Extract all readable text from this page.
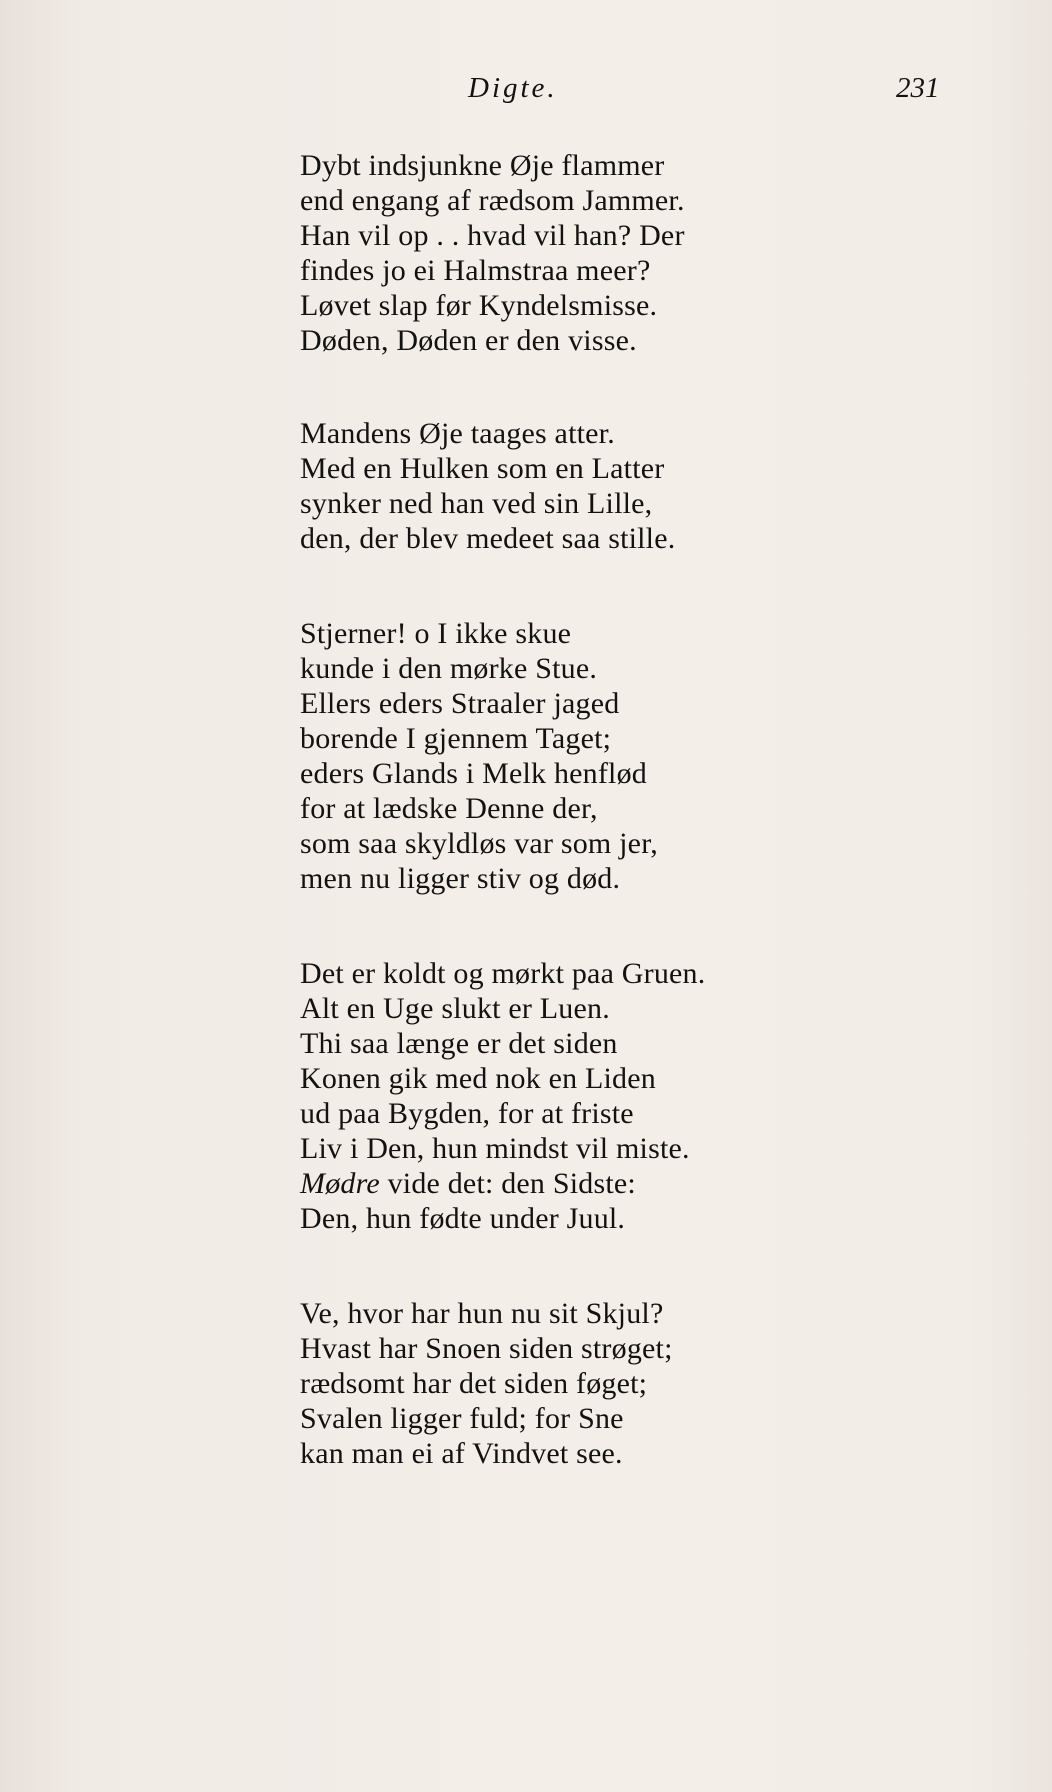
Digte.	231
Dybt indsjunkne Øje flammer
end engang af rædsom Jammer.
Han vil op . . hvad vil han? Der
findes jo ei Halmstraa meer?
Løvet slap før Kyndelsmisse.
Døden, Døden er den visse.
Mandens Øje taages atter.
Med en Hulken som en Latter
synker ned han ved sin Lille,
den, der blev medeet saa stille.
Stjerner! o I ikke skue
kunde i den mørke Stue.
Ellers eders Straaler jaged
borende I gjennem Taget;
eders Glands i Melk henflød
for at lædske Denne der,
som saa skyldløs var som jer,
men nu ligger stiv og død.
Det er koldt og mørkt paa Gruen.
Alt en Uge slukt er Luen.
Thi saa længe er det siden
Konen gik med nok en Liden
ud paa Bygden, for at friste
Liv i Den, hun mindst vil miste.
Mødre vide det: den Sidste:
Den, hun fødte under Juul.
Ve, hvor har hun nu sit Skjul?
Hvast har Snoen siden strøget;
rædsomt har det siden føget;
Svalen ligger fuld; for Sne
kan man ei af Vindvet see.
